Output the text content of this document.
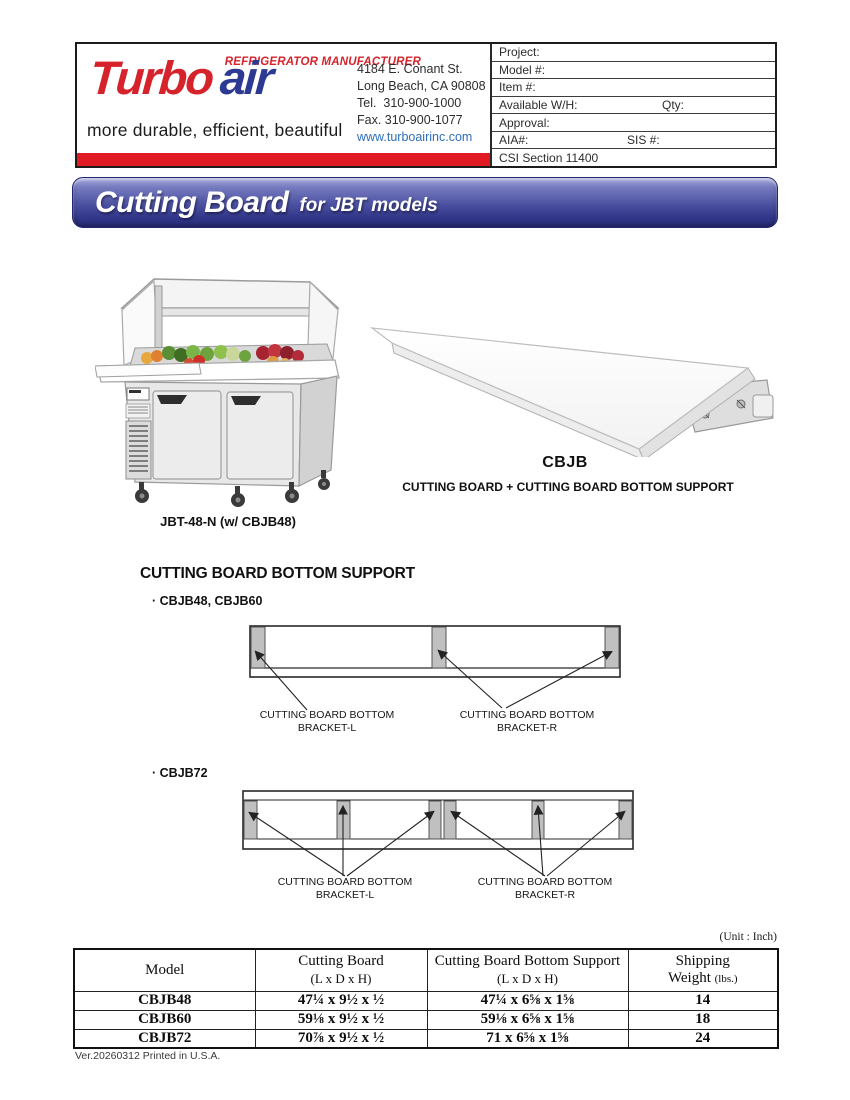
REFRIGERATOR MANUFACTURER
Turboair
more durable, efficient, beautiful
4184 E. Conant St.
Long Beach, CA 90808
Tel.  310-900-1000
Fax. 310-900-1077
www.turboairinc.com
Project:
Model #:
Item #:
Available W/H:	Qty:
Approval:
AIA#:	SIS #:
CSI Section 11400
Cutting Board for JBT models
JBT-48-N (w/ CBJB48)
CBJB
CUTTING BOARD + CUTTING BOARD BOTTOM SUPPORT
CUTTING BOARD BOTTOM SUPPORT
· CBJB48, CBJB60
CUTTING BOARD BOTTOM
BRACKET-L
CUTTING BOARD BOTTOM
BRACKET-R
· CBJB72
CUTTING BOARD BOTTOM
BRACKET-L
CUTTING BOARD BOTTOM
BRACKET-R
(Unit : Inch)
Model	
Cutting Board
(L x D x H)

Cutting Board Bottom Support
(L x D x H)

Shipping
Weight (lbs.)

CBJB48	47¼ x 9½ x ½	47¼ x 6⅝ x 1⅝	14
CBJB60	59⅛ x 9½ x ½	59⅛ x 6⅝ x 1⅝	18
CBJB72	70⅞ x 9½ x ½	71 x 6⅝ x 1⅝	24
Ver.20260312 Printed in U.S.A.
